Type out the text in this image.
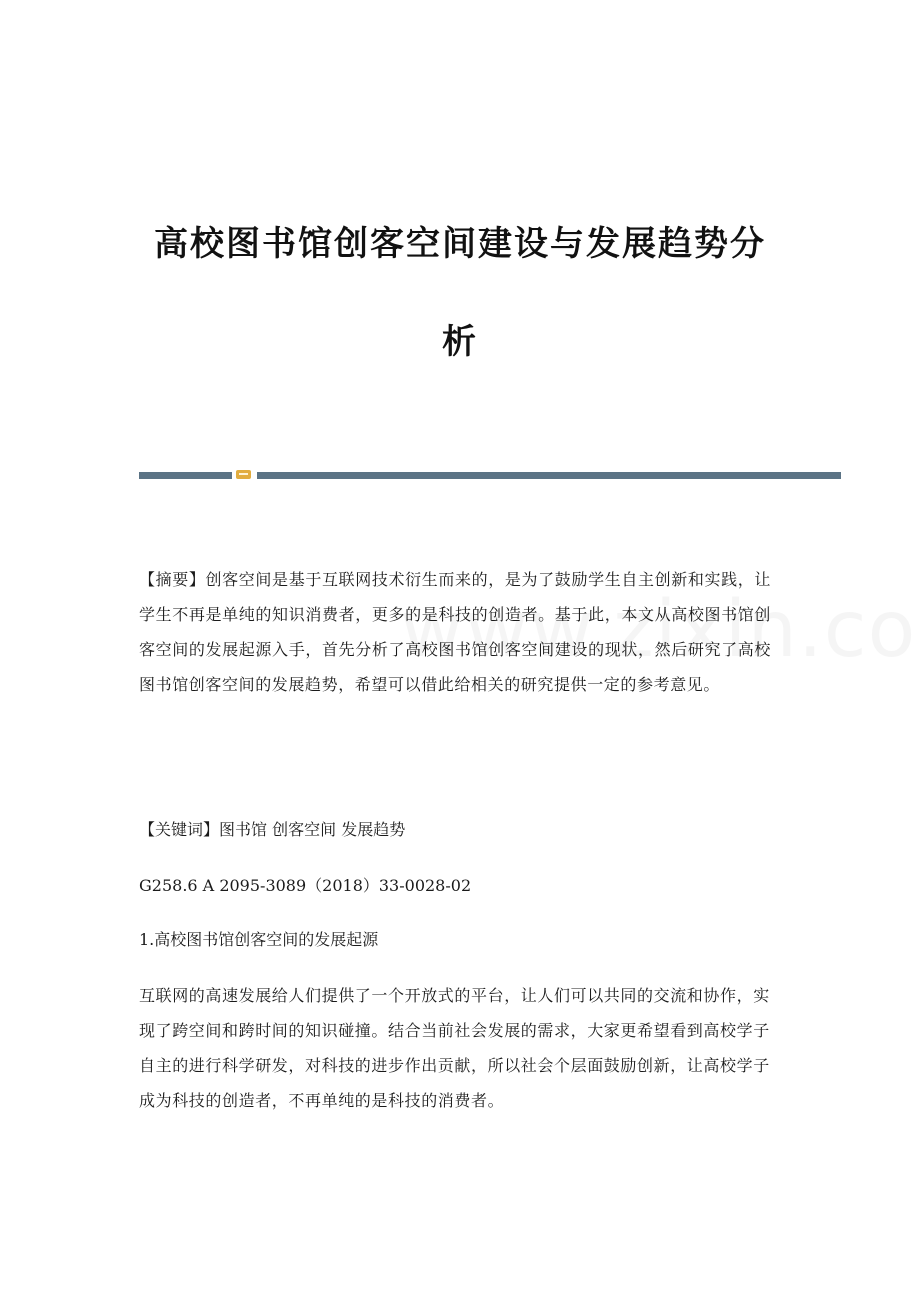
高校图书馆创客空间建设与发展趋势分
析

【摘要】创客空间是基于互联网技术衍生而来的，是为了鼓励学生自主创新和实践，让学生不再是单纯的知识消费者，更多的是科技的创造者。基于此，本文从高校图书馆创客空间的发展起源入手，首先分析了高校图书馆创客空间建设的现状，然后研究了高校图书馆创客空间的发展趋势，希望可以借此给相关的研究提供一定的参考意见。

【关键词】图书馆 创客空间 发展趋势

G258.6 A 2095-3089（2018）33-0028-02

1.高校图书馆创客空间的发展起源

互联网的高速发展给人们提供了一个开放式的平台，让人们可以共同的交流和协作，实现了跨空间和跨时间的知识碰撞。结合当前社会发展的需求，大家更希望看到高校学子自主的进行科学研发，对科技的进步作出贡献，所以社会个层面鼓励创新，让高校学子成为科技的创造者，不再单纯的是科技的消费者。
